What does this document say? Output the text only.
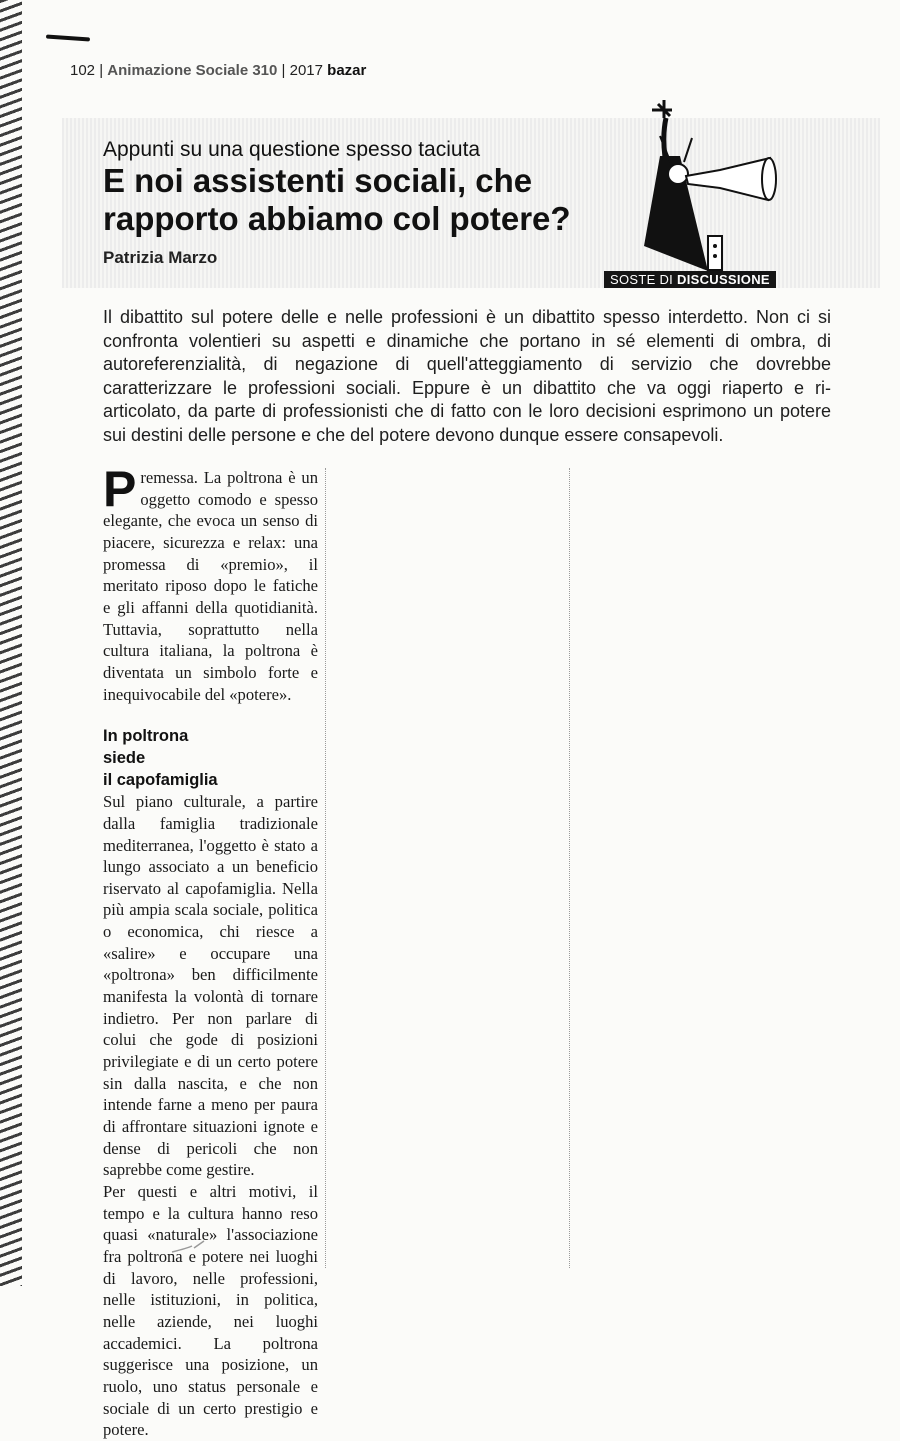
102 | Animazione Sociale 310 | 2017 bazar
Appunti su una questione spesso taciuta
E noi assistenti sociali, che rapporto abbiamo col potere?
Patrizia Marzo
SOSTE DI DISCUSSIONE

Il dibattito sul potere delle e nelle professioni è un dibattito spesso interdetto. Non ci si confronta volentieri su aspetti e dinamiche che portano in sé elementi di ombra, di autoreferenzialità, di negazione di quell'atteggiamento di servizio che dovrebbe caratterizzare le professioni sociali. Eppure è un dibattito che va oggi riaperto e ri-articolato, da parte di professionisti che di fatto con le loro decisioni esprimono un potere sui destini delle persone e che del potere devono dunque essere consapevoli.

Premessa. La poltrona è un oggetto comodo e spesso elegante, che evoca un senso di piacere, sicurezza e relax: una promessa di «premio», il meritato riposo dopo le fatiche e gli affanni della quotidianità. Tuttavia, soprattutto nella cultura italiana, la poltrona è diventata un simbolo forte e inequivocabile del «potere».

In poltrona
siede
il capofamiglia

Sul piano culturale, a partire dalla famiglia tradizionale mediterranea, l'oggetto è stato a lungo associato a un beneficio riservato al capofamiglia. Nella più ampia scala sociale, politica o economica, chi riesce a «salire» e occupare una «poltrona» ben difficilmente manifesta la volontà di tornare indietro. Per non parlare di colui che gode di posizioni privilegiate e di un certo potere sin dalla nascita, e che non intende farne a meno per paura di affrontare situazioni ignote e dense di pericoli che non saprebbe come gestire.

Per questi e altri motivi, il tempo e la cultura hanno reso quasi «naturale» l'associazione fra poltrona e potere nei luoghi di lavoro, nelle professioni, nelle istituzioni, in politica, nelle aziende, nei luoghi accademici. La poltrona suggerisce una posizione, un ruolo, uno status personale e sociale di un certo prestigio e potere.
